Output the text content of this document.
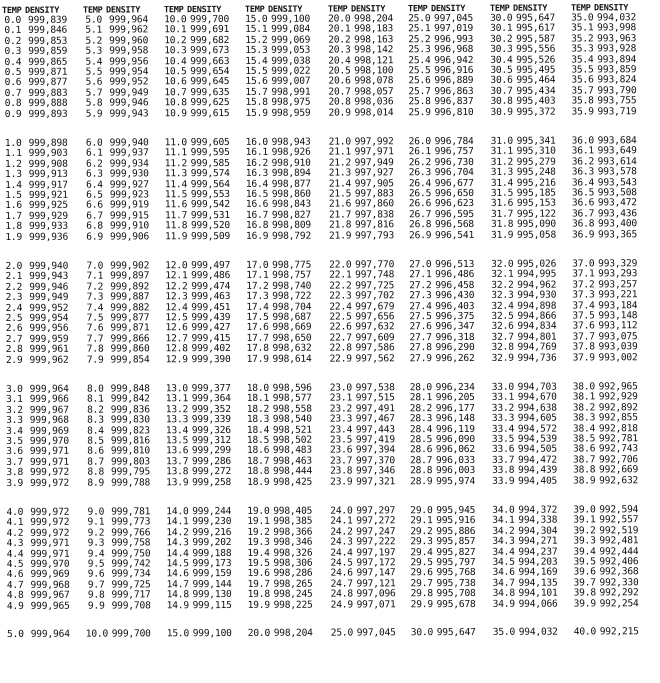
TEMP DENSITY
0.0 999,839
0.1 999,846
0.2 999,853
0.3 999,859
0.4 999,865
0.5 999,871
0.6 999,877
0.7 999,883
0.8 999,888
0.9 999,893
1.0 999,898
1.1 999,903
1.2 999,908
1.3 999,913
1.4 999,917
1.5 999,921
1.6 999,925
1.7 999,929
1.8 999,933
1.9 999,936
2.0 999,940
2.1 999,943
2.2 999,946
2.3 999,949
2.4 999,952
2.5 999,954
2.6 999,956
2.7 999,959
2.8 999,961
2.9 999,962
3.0 999,964
3.1 999,966
3.2 999,967
3.3 999,968
3.4 999,969
3.5 999,970
3.6 999,971
3.7 999,971
3.8 999,972
3.9 999,972
4.0 999,972
4.1 999,972
4.2 999,972
4.3 999,971
4.4 999,971
4.5 999,970
4.6 999,969
4.7 999,968
4.8 999,967
4.9 999,965
5.0 999,964
TEMP DENSITY
5.0 999,964
5.1 999,962
5.2 999,960
5.3 999,958
5.4 999,956
5.5 999,954
5.6 999,952
5.7 999,949
5.8 999,946
5.9 999,943
6.0 999,940
6.1 999,937
6.2 999,934
6.3 999,930
6.4 999,927
6.5 999,923
6.6 999,919
6.7 999,915
6.8 999,910
6.9 999,906
7.0 999,902
7.1 999,897
7.2 999,892
7.3 999,887
7.4 999,882
7.5 999,877
7.6 999,871
7.7 999,866
7.8 999,860
7.9 999,854
8.0 999,848
8.1 999,842
8.2 999,836
8.3 999,830
8.4 999,823
8.5 999,816
8.6 999,810
8.7 999,803
8.8 999,795
8.9 999,788
9.0 999,781
9.1 999,773
9.2 999,766
9.3 999,758
9.4 999,750
9.5 999,742
9.6 999,734
9.7 999,725
9.8 999,717
9.9 999,708
10.0 999,700
TEMP DENSITY
10.0 999,700
10.1 999,691
10.2 999,682
10.3 999,673
10.4 999,663
10.5 999,654
10.6 999,645
10.7 999,635
10.8 999,625
10.9 999,615
11.0 999,605
11.1 999,595
11.2 999,585
11.3 999,574
11.4 999,564
11.5 999,553
11.6 999,542
11.7 999,531
11.8 999,520
11.9 999,509
12.0 999,497
12.1 999,486
12.2 999,474
12.3 999,463
12.4 999,451
12.5 999,439
12.6 999,427
12.7 999,415
12.8 999,402
12.9 999,390
13.0 999,377
13.1 999,364
13.2 999,352
13.3 999,339
13.4 999,326
13.5 999,312
13.6 999,299
13.7 999,286
13.8 999,272
13.9 999,258
14.0 999,244
14.1 999,230
14.2 999,216
14.3 999,202
14.4 999,188
14.5 999,173
14.6 999,159
14.7 999,144
14.8 999,130
14.9 999,115
15.0 999,100
TEMP DENSITY
15.0 999,100
15.1 999,084
15.2 999,069
15.3 999,053
15.4 999,038
15.5 999,022
15.6 999,007
15.7 998,991
15.8 998,975
15.9 998,959
16.0 998,943
16.1 998,926
16.2 998,910
16.3 998,894
16.4 998,877
16.5 998,860
16.6 998,843
16.7 998,827
16.8 998,809
16.9 998,792
17.0 998,775
17.1 998,757
17.2 998,740
17.3 998,722
17.4 998,704
17.5 998,687
17.6 998,669
17.7 998,650
17.8 998,632
17.9 998,614
18.0 998,596
18.1 998,577
18.2 998,558
18.3 998,540
18.4 998,521
18.5 998,502
18.6 998,483
18.7 998,463
18.8 998,444
18.9 998,425
19.0 998,405
19.1 998,385
19.2 998,366
19.3 998,346
19.4 998,326
19.5 998,306
19.6 998,286
19.7 998,265
19.8 998,245
19.9 998,225
20.0 998,204
TEMP DENSITY
20.0 998,204
20.1 998,183
20.2 998,163
20.3 998,142
20.4 998,121
20.5 998,100
20.6 998,078
20.7 998,057
20.8 998,036
20.9 998,014
21.0 997,992
21.1 997,971
21.2 997,949
21.3 997,927
21.4 997,905
21.5 997,883
21.6 997,860
21.7 997,838
21.8 997,816
21.9 997,793
22.0 997,770
22.1 997,748
22.2 997,725
22.3 997,702
22.4 997,679
22.5 997,656
22.6 997,632
22.7 997,609
22.8 997,586
22.9 997,562
23.0 997,538
23.1 997,515
23.2 997,491
23.3 997,467
23.4 997,443
23.5 997,419
23.6 997,394
23.7 997,370
23.8 997,346
23.9 997,321
24.0 997,297
24.1 997,272
24.2 997,247
24.3 997,222
24.4 997,197
24.5 997,172
24.6 997,147
24.7 997,121
24.8 997,096
24.9 997,071
25.0 997,045
TEMP DENSITY
25.0 997,045
25.1 997,019
25.2 996,993
25.3 996,968
25.4 996,942
25.5 996,916
25.6 996,889
25.7 996,863
25.8 996,837
25.9 996,810
26.0 996,784
26.1 996,757
26.2 996,730
26.3 996,704
26.4 996,677
26.5 996,650
26.6 996,623
26.7 996,595
26.8 996,568
26.9 996,541
27.0 996,513
27.1 996,486
27.2 996,458
27.3 996,430
27.4 996,403
27.5 996,375
27.6 996,347
27.7 996,318
27.8 996,290
27.9 996,262
28.0 996,234
28.1 996,205
28.2 996,177
28.3 996,148
28.4 996,119
28.5 996,090
28.6 996,062
28.7 996,033
28.8 996,003
28.9 995,974
29.0 995,945
29.1 995,916
29.2 995,886
29.3 995,857
29.4 995,827
29.5 995,797
29.6 995,768
29.7 995,738
29.8 995,708
29.9 995,678
30.0 995,647
TEMP DENSITY
30.0 995,647
30.1 995,617
30.2 995,587
30.3 995,556
30.4 995,526
30.5 995,495
30.6 995,464
30.7 995,434
30.8 995,403
30.9 995,372
31.0 995,341
31.1 995,310
31.2 995,279
31.3 995,248
31.4 995,216
31.5 995,185
31.6 995,153
31.7 995,122
31.8 995,090
31.9 995,058
32.0 995,026
32.1 994,995
32.2 994,962
32.3 994,930
32.4 994,898
32.5 994,866
32.6 994,834
32.7 994,801
32.8 994,769
32.9 994,736
33.0 994,703
33.1 994,670
33.2 994,638
33.3 994,605
33.4 994,572
33.5 994,539
33.6 994,505
33.7 994,472
33.8 994,439
33.9 994,405
34.0 994,372
34.1 994,338
34.2 994,304
34.3 994,271
34.4 994,237
34.5 994,203
34.6 994,169
34.7 994,135
34.8 994,101
34.9 994,066
35.0 994,032
TEMP DENSITY
35.0 994,032
35.1 993,998
35.2 993,963
35.3 993,928
35.4 993,894
35.5 993,859
35.6 993,824
35.7 993,790
35.8 993,755
35.9 993,719
36.0 993,684
36.1 993,649
36.2 993,614
36.3 993,578
36.4 993,543
36.5 993,508
36.6 993,472
36.7 993,436
36.8 993,400
36.9 993,365
37.0 993,329
37.1 993,293
37.2 993,257
37.3 993,221
37.4 993,184
37.5 993,148
37.6 993,112
37.7 993,075
37.8 993,039
37.9 993,002
38.0 992,965
38.1 992,929
38.2 992,892
38.3 992,855
38.4 992,818
38.5 992,781
38.6 992,743
38.7 992,706
38.8 992,669
38.9 992,632
39.0 992,594
39.1 992,557
39.2 992,519
39.3 992,481
39.4 992,444
39.5 992,406
39.6 992,368
39.7 992,330
39.8 992,292
39.9 992,254
40.0 992,215
